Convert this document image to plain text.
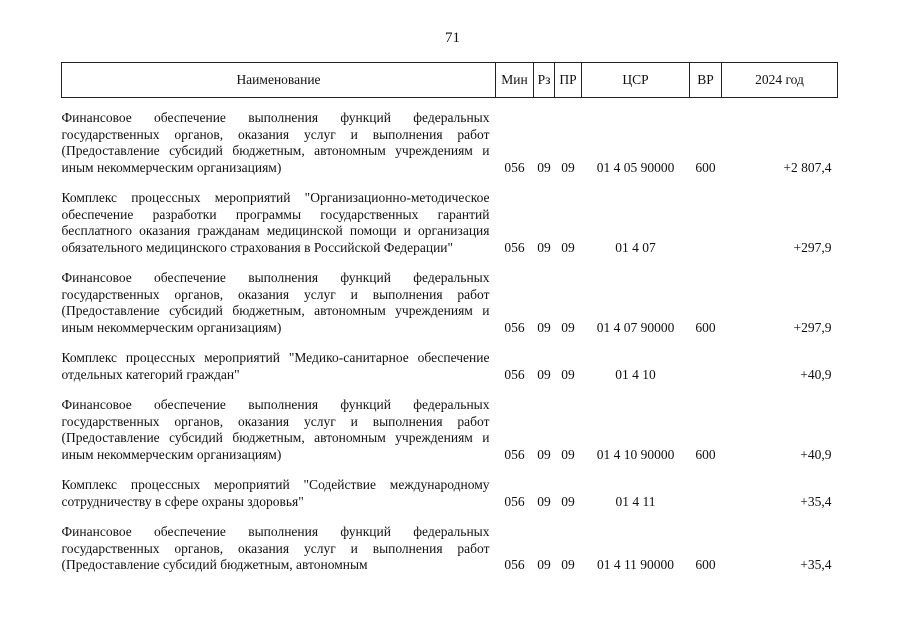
71
Наименование	Мин	Рз	ПР	ЦСР	ВР	2024 год
Финансовое обеспечение выполнения функций федеральных государственных органов, оказания услуг и выполнения работ (Предоставление субсидий бюджетным, автономным учреждениям и иным некоммерческим организациям)	056	09	09	01 4 05 90000	600	+2 807,4
Комплекс процессных мероприятий "Организационно-методическое обеспечение разработки программы государственных гарантий бесплатного оказания гражданам медицинской помощи и организация обязательного медицинского страхования в Российской Федерации"	056	09	09	01 4 07		+297,9
Финансовое обеспечение выполнения функций федеральных государственных органов, оказания услуг и выполнения работ (Предоставление субсидий бюджетным, автономным учреждениям и иным некоммерческим организациям)	056	09	09	01 4 07 90000	600	+297,9
Комплекс процессных мероприятий "Медико-санитарное обеспечение отдельных категорий граждан"	056	09	09	01 4 10		+40,9
Финансовое обеспечение выполнения функций федеральных государственных органов, оказания услуг и выполнения работ (Предоставление субсидий бюджетным, автономным учреждениям и иным некоммерческим организациям)	056	09	09	01 4 10 90000	600	+40,9
Комплекс процессных мероприятий "Содействие международному сотрудничеству в сфере охраны здоровья"	056	09	09	01 4 11		+35,4
Финансовое обеспечение выполнения функций федеральных государственных органов, оказания услуг и выполнения работ (Предоставление субсидий бюджетным, автономным	056	09	09	01 4 11 90000	600	+35,4
